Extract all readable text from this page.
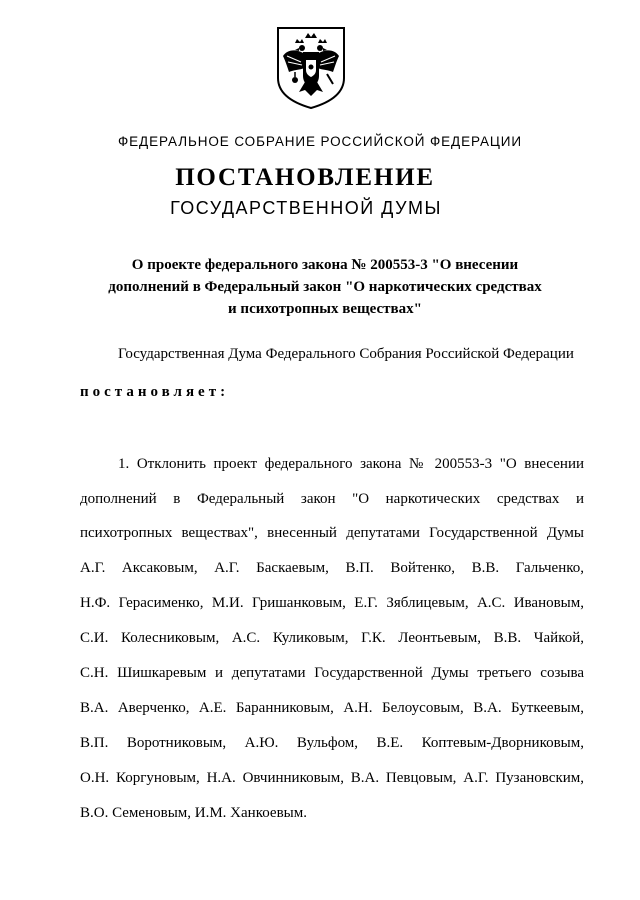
ФЕДЕРАЛЬНОЕ СОБРАНИЕ РОССИЙСКОЙ ФЕДЕРАЦИИ
ПОСТАНОВЛЕНИЕ
ГОСУДАРСТВЕННОЙ ДУМЫ
О проекте федерального закона № 200553-3 "О внесении
дополнений в Федеральный закон "О наркотических средствах
и психотропных веществах"
Государственная Дума Федерального Собрания Российской Федерации
постановляет:
1. Отклонить проект федерального закона № 200553-3 "О внесении
дополнений в Федеральный закон "О наркотических средствах и
психотропных веществах", внесенный депутатами Государственной Думы
А.Г. Аксаковым, А.Г. Баскаевым, В.П. Войтенко, В.В. Гальченко,
Н.Ф. Герасименко, М.И. Гришанковым, Е.Г. Зяблицевым, А.С. Ивановым,
С.И. Колесниковым, А.С. Куликовым, Г.К. Леонтьевым, В.В. Чайкой,
С.Н. Шишкаревым и депутатами Государственной Думы третьего созыва
В.А. Аверченко, А.Е. Баранниковым, А.Н. Белоусовым, В.А. Буткеевым,
В.П. Воротниковым, А.Ю. Вульфом, В.Е. Коптевым-Дворниковым,
О.Н. Коргуновым, Н.А. Овчинниковым, В.А. Певцовым, А.Г. Пузановским,
В.О. Семеновым, И.М. Ханкоевым.
